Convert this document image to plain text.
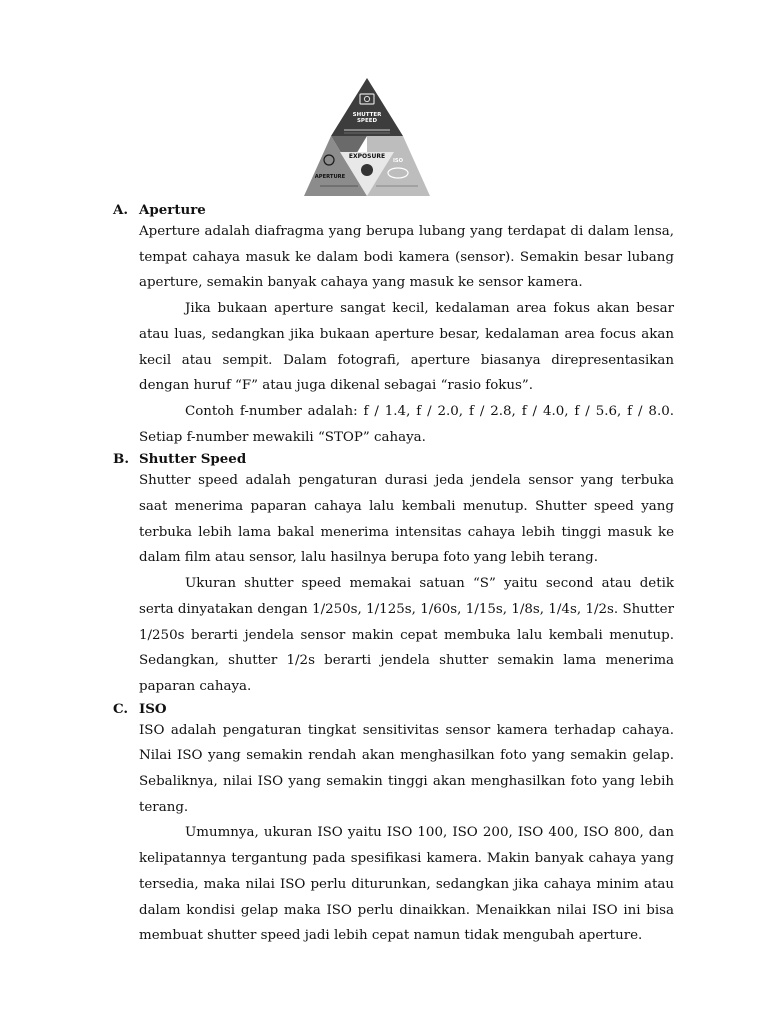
SHUTTER
SPEED
EXPOSURE
APERTURE
ISO
A. Aperture

Aperture adalah diafragma yang berupa lubang yang terdapat di dalam lensa, tempat cahaya masuk ke dalam bodi kamera (sensor). Semakin besar lubang aperture, semakin banyak cahaya yang masuk ke sensor kamera.

Jika bukaan aperture sangat kecil, kedalaman area fokus akan besar atau luas, sedangkan jika bukaan aperture besar, kedalaman area focus akan kecil atau sempit. Dalam fotografi, aperture biasanya direpresentasikan dengan huruf “F” atau juga dikenal sebagai “rasio fokus”.

Contoh f-number adalah: f / 1.4, f / 2.0, f / 2.8, f / 4.0, f / 5.6, f / 8.0. Setiap f-number mewakili “STOP” cahaya.

B. Shutter Speed

Shutter speed adalah pengaturan durasi jeda jendela sensor yang terbuka saat menerima paparan cahaya lalu kembali menutup. Shutter speed yang terbuka lebih lama bakal menerima intensitas cahaya lebih tinggi masuk ke dalam film atau sensor, lalu hasilnya berupa foto yang lebih terang.

Ukuran shutter speed memakai satuan “S” yaitu second atau detik serta dinyatakan dengan 1/250s, 1/125s, 1/60s, 1/15s, 1/8s, 1/4s, 1/2s. Shutter 1/250s berarti jendela sensor makin cepat membuka lalu kembali menutup. Sedangkan, shutter 1/2s berarti jendela shutter semakin lama menerima paparan cahaya.

C. ISO

ISO adalah pengaturan tingkat sensitivitas sensor kamera terhadap cahaya. Nilai ISO yang semakin rendah akan menghasilkan foto yang semakin gelap. Sebaliknya, nilai ISO yang semakin tinggi akan menghasilkan foto yang lebih terang.

Umumnya, ukuran ISO yaitu ISO 100, ISO 200, ISO 400, ISO 800, dan kelipatannya tergantung pada spesifikasi kamera. Makin banyak cahaya yang tersedia, maka nilai ISO perlu diturunkan, sedangkan jika cahaya minim atau dalam kondisi gelap maka ISO perlu dinaikkan. Menaikkan nilai ISO ini bisa membuat shutter speed jadi lebih cepat namun tidak mengubah aperture.
